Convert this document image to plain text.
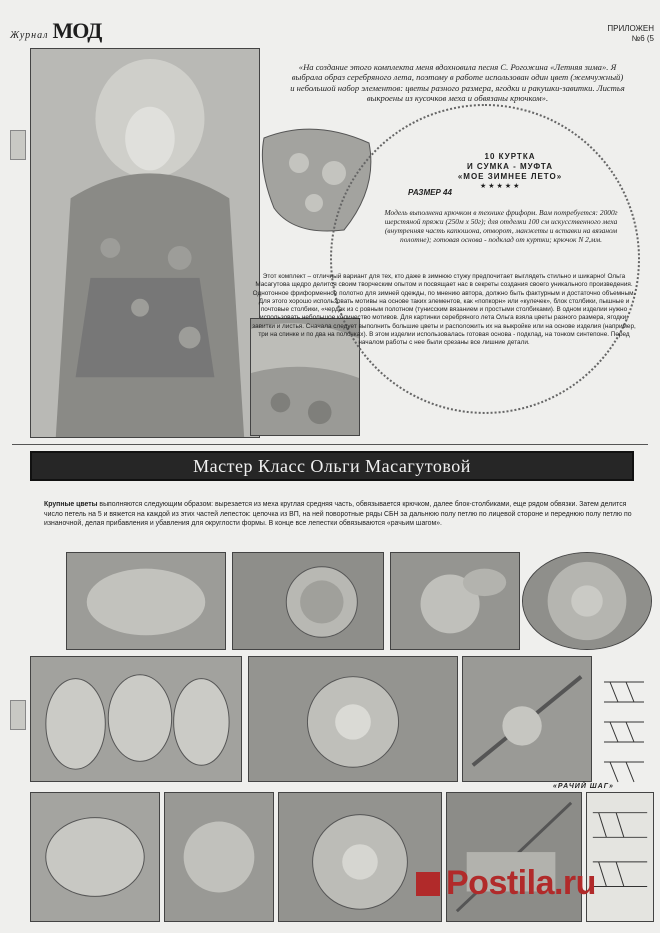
Журнал МОД	ПРИЛОЖЕН
№6 (5
«На создание этого комплекта меня вдохновила песня С. Рогожина «Летняя зима». Я выбрала образ серебряного лета, поэтому в работе использован один цвет (жемчужный) и небольшой набор элементов: цветы разного размера, ягодки и ракушки-завитки. Листья выкроены из кусочков меха и обвязаны крючком».
10 КУРТКА
И СУМКА - МУФТА
«МОЕ ЗИМНЕЕ ЛЕТО»
★★★★★
РАЗМЕР 44
Модель выполнена крючком в технике фриформ. Вам потребуется: 2000г шерстяной пряжи (250м х 50г); для отделки 100 см искусственного меха (внутренняя часть капюшона, отворот, манжеты и вставки на вязаном полотне); готовая основа - подклад от куртки; крючок N 2,мм.
Этот комплект – отличный вариант для тех, кто даже в зимнюю стужу предпочитает выглядеть стильно и шикарно! Ольга Масагутова щедро делится своим творческим опытом и посвящает нас в секреты создания своего уникального произведения. Однотонное фриформенное полотно для зимней одежды, по мнению автора, должно быть фактурным и достаточно объемным. Для этого хорошо использовать мотивы на основе таких элементов, как «попкорн» или «кулечек», блок столбики, пышные и почтовые столбики, «чердак из с ровным полотном (тунисским вязанием и простыми столбиками). В одном изделии нужно использовать небольшое количество мотивов. Для картинки серебряного лета Ольга взяла цветы разного размера, ягодки, завитки и листья. Сначала следует выполнить большие цветы и расположить их на выкройке или на основе изделия (например, три на спинке и по два на полочках). В этом изделии использовалась готовая основа - подклад, на тонком синтепоне. Перед началом работы с нее были срезаны все лишние детали.
Мастер Класс Ольги Масагутовой
Крупные цветы выполняются следующим образом: вырезается из меха круглая средняя часть, обвязывается крючком, далее блок-столбиками, еще рядом обвязки. Затем делится число петель на 5 и вяжется на каждой из этих частей лепесток: цепочка из ВП, на ней поворотные ряды СБН за дальнюю полу петлю по лицевой стороне и переднюю полу петлю по изнаночной, делая прибавления и убавления для округлости формы. В конце все лепестки обвязываются «рачьим шагом».
«РАЧИЙ ШАГ»
Postila.ru
